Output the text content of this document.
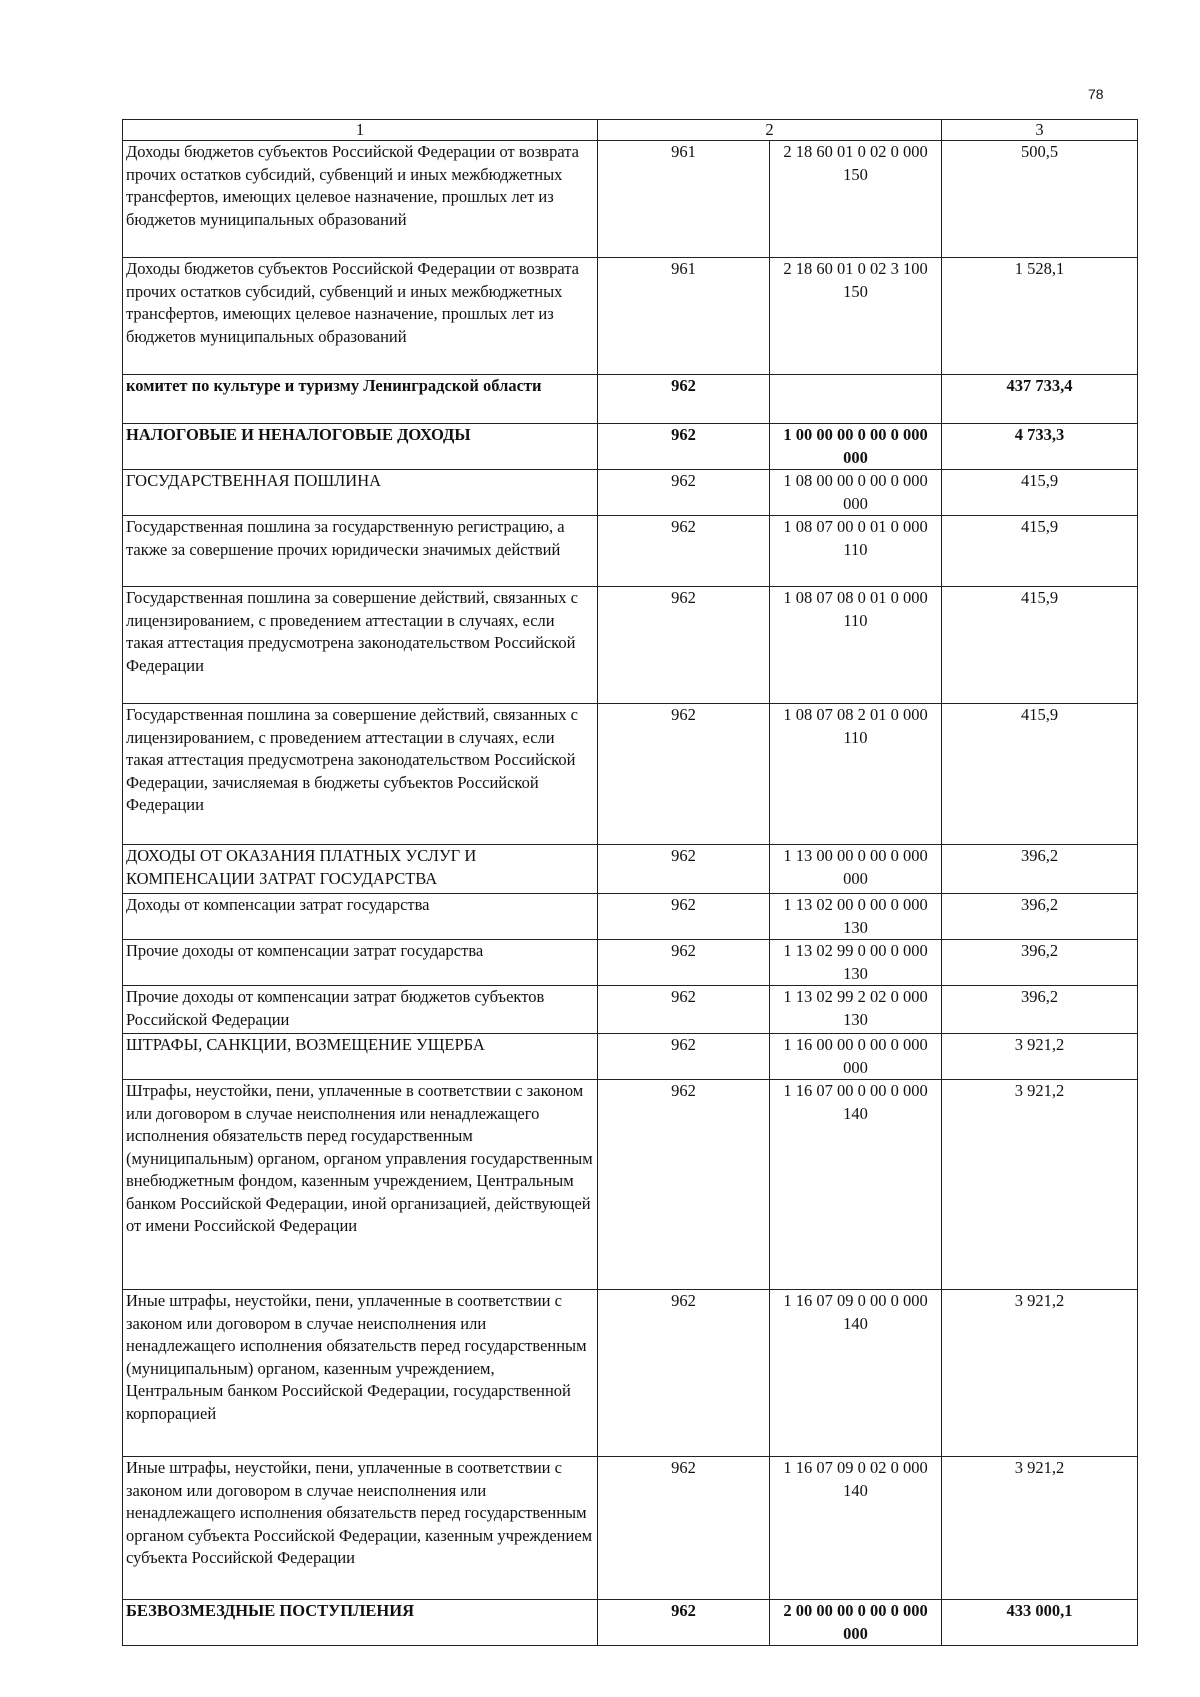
78
1	2		3
Доходы бюджетов субъектов Российской Федерации от возврата прочих остатков субсидий, субвенций и иных межбюджетных трансфертов, имеющих целевое назначение, прошлых лет из бюджетов муниципальных образований	961	2 18 60 01 0 02 0 000 150	500,5
Доходы бюджетов субъектов Российской Федерации от возврата прочих остатков субсидий, субвенций и иных межбюджетных трансфертов, имеющих целевое назначение, прошлых лет из бюджетов муниципальных образований	961	2 18 60 01 0 02 3 100 150	1 528,1
комитет по культуре и туризму Ленинградской области	962		437 733,4
НАЛОГОВЫЕ И НЕНАЛОГОВЫЕ ДОХОДЫ	962	1 00 00 00 0 00 0 000 000	4 733,3
ГОСУДАРСТВЕННАЯ ПОШЛИНА	962	1 08 00 00 0 00 0 000 000	415,9
Государственная пошлина за государственную регистрацию, а также за совершение прочих юридически значимых действий	962	1 08 07 00 0 01 0 000 110	415,9
Государственная пошлина за совершение действий, связанных с лицензированием, с проведением аттестации в случаях, если такая аттестация предусмотрена законодательством Российской Федерации	962	1 08 07 08 0 01 0 000 110	415,9
Государственная пошлина за совершение действий, связанных с лицензированием, с проведением аттестации в случаях, если такая аттестация предусмотрена законодательством Российской Федерации, зачисляемая в бюджеты субъектов Российской Федерации	962	1 08 07 08 2 01 0 000 110	415,9
ДОХОДЫ ОТ ОКАЗАНИЯ ПЛАТНЫХ УСЛУГ И КОМПЕНСАЦИИ ЗАТРАТ ГОСУДАРСТВА	962	1 13 00 00 0 00 0 000 000	396,2
Доходы от компенсации затрат государства	962	1 13 02 00 0 00 0 000 130	396,2
Прочие доходы от компенсации затрат государства	962	1 13 02 99 0 00 0 000 130	396,2
Прочие доходы от компенсации затрат бюджетов субъектов Российской Федерации	962	1 13 02 99 2 02 0 000 130	396,2
ШТРАФЫ, САНКЦИИ, ВОЗМЕЩЕНИЕ УЩЕРБА	962	1 16 00 00 0 00 0 000 000	3 921,2
Штрафы, неустойки, пени, уплаченные в соответствии с законом или договором в случае неисполнения или ненадлежащего исполнения обязательств перед государственным (муниципальным) органом, органом управления государственным внебюджетным фондом, казенным учреждением, Центральным банком Российской Федерации, иной организацией, действующей от имени Российской Федерации	962	1 16 07 00 0 00 0 000 140	3 921,2
Иные штрафы, неустойки, пени, уплаченные в соответствии с законом или договором в случае неисполнения или ненадлежащего исполнения обязательств перед государственным (муниципальным) органом, казенным учреждением, Центральным банком Российской Федерации, государственной корпорацией	962	1 16 07 09 0 00 0 000 140	3 921,2
Иные штрафы, неустойки, пени, уплаченные в соответствии с законом или договором в случае неисполнения или ненадлежащего исполнения обязательств перед государственным органом субъекта Российской Федерации, казенным учреждением субъекта Российской Федерации	962	1 16 07 09 0 02 0 000 140	3 921,2
БЕЗВОЗМЕЗДНЫЕ ПОСТУПЛЕНИЯ	962	2 00 00 00 0 00 0 000 000	433 000,1
